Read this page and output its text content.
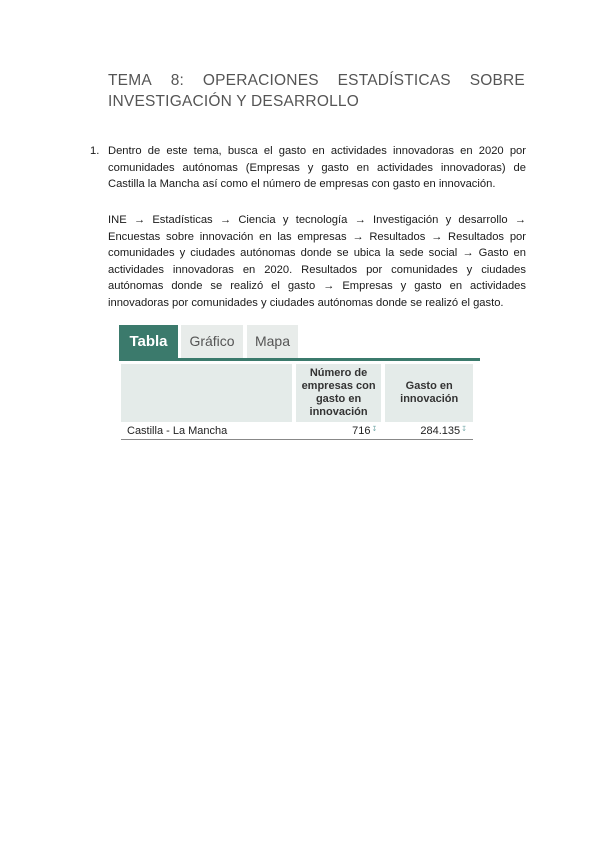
TEMA 8: OPERACIONES ESTADÍSTICAS SOBRE
INVESTIGACIÓN Y DESARROLLO
1. Dentro de este tema, busca el gasto en actividades innovadoras en 2020 por comunidades autónomas (Empresas y gasto en actividades innovadoras) de Castilla la Mancha así como el número de empresas con gasto en innovación.
INE → Estadísticas → Ciencia y tecnología → Investigación y desarrollo → Encuestas sobre innovación en las empresas → Resultados → Resultados por comunidades y ciudades autónomas donde se ubica la sede social → Gasto en actividades innovadoras en 2020. Resultados por comunidades y ciudades autónomas donde se realizó el gasto → Empresas y gasto en actividades innovadoras por comunidades y ciudades autónomas donde se realizó el gasto.
Tabla	Gráfico	Mapa
	Número de empresas con gasto en innovación	Gasto en innovación
Castilla - La Mancha	716↧	284.135↧
